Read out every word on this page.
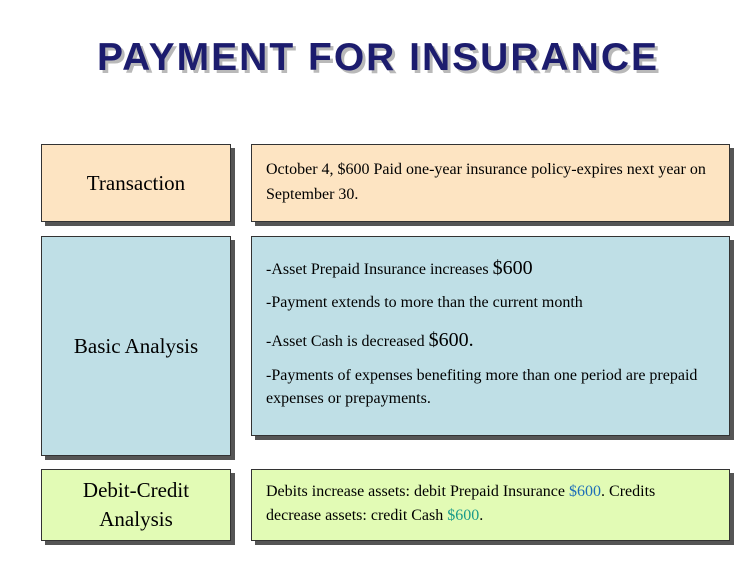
PAYMENT FOR INSURANCE
Transaction
October 4, $600 Paid one-year insurance policy-expires next year on September 30.
Basic Analysis
-Asset Prepaid Insurance increases $600
-Payment extends to more than the current month
-Asset Cash is decreased $600.
-Payments of expenses benefiting more than one period are prepaid expenses or prepayments.
Debit-Credit Analysis
Debits increase assets: debit Prepaid Insurance $600. Credits decrease assets: credit Cash $600.
